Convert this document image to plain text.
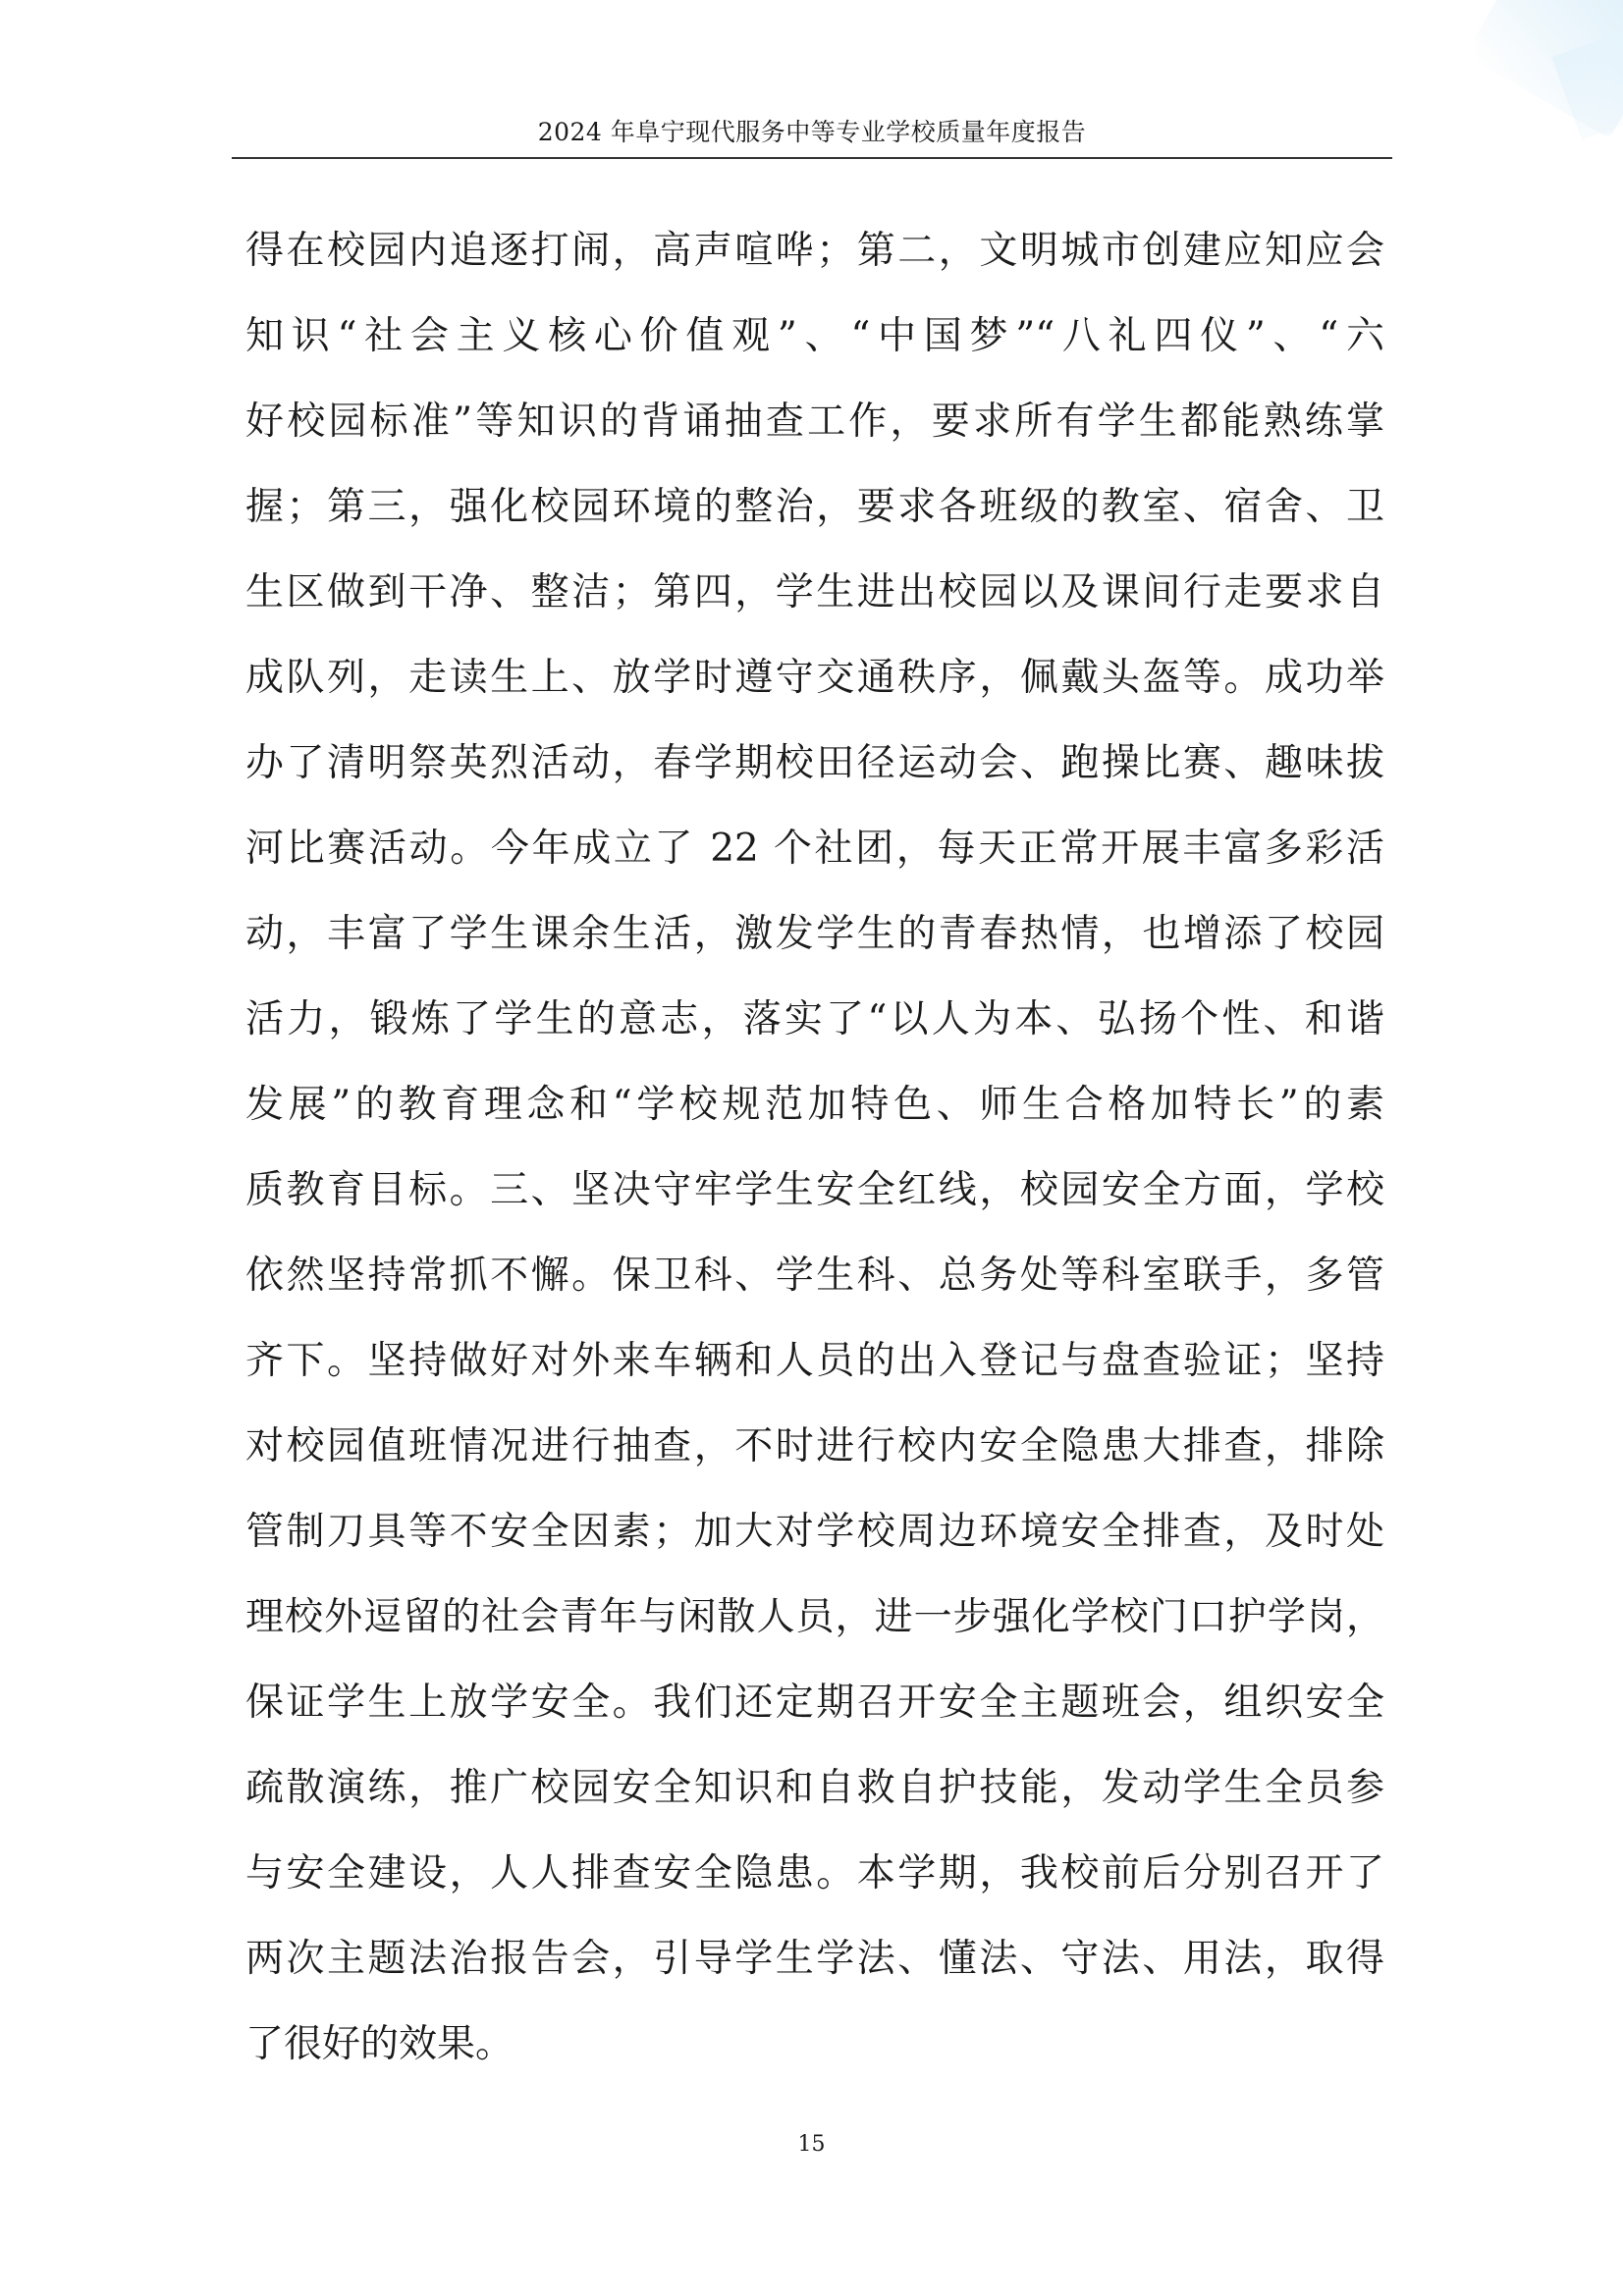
2024 年阜宁现代服务中等专业学校质量年度报告

得在校园内追逐打闹，高声喧哗；第二，文明城市创建应知应会
知识“社会主义核心价值观”、“中国梦”“八礼四仪”、“六
好校园标准”等知识的背诵抽查工作，要求所有学生都能熟练掌
握；第三，强化校园环境的整治，要求各班级的教室、宿舍、卫
生区做到干净、整洁；第四，学生进出校园以及课间行走要求自
成队列，走读生上、放学时遵守交通秩序，佩戴头盔等。成功举
办了清明祭英烈活动，春学期校田径运动会、跑操比赛、趣味拔
河比赛活动。今年成立了 22 个社团，每天正常开展丰富多彩活
动，丰富了学生课余生活，激发学生的青春热情，也增添了校园
活力，锻炼了学生的意志，落实了“以人为本、弘扬个性、和谐
发展”的教育理念和“学校规范加特色、师生合格加特长”的素
质教育目标。三、坚决守牢学生安全红线，校园安全方面，学校
依然坚持常抓不懈。保卫科、学生科、总务处等科室联手，多管
齐下。坚持做好对外来车辆和人员的出入登记与盘查验证；坚持
对校园值班情况进行抽查，不时进行校内安全隐患大排查，排除
管制刀具等不安全因素；加大对学校周边环境安全排查，及时处
理校外逗留的社会青年与闲散人员，进一步强化学校门口护学岗，
保证学生上放学安全。我们还定期召开安全主题班会，组织安全
疏散演练，推广校园安全知识和自救自护技能，发动学生全员参
与安全建设，人人排查安全隐患。本学期，我校前后分别召开了
两次主题法治报告会，引导学生学法、懂法、守法、用法，取得
了很好的效果。

15
